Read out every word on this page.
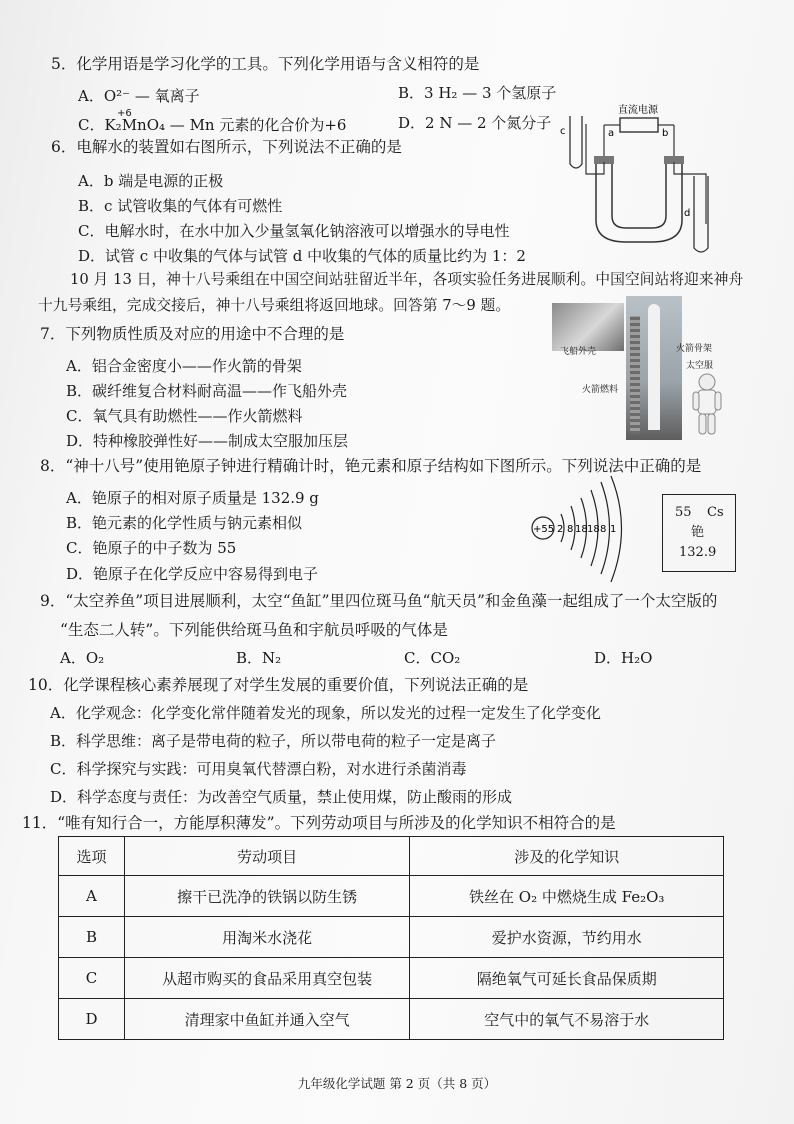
5．化学用语是学习化学的工具。下列化学用语与含义相符的是
A．O²⁻ — 氧离子	B．3 H₂ — 3 个氢原子
+6
C．K₂MnO₄ — Mn 元素的化合价为+6	D．2 N — 2 个氮分子
6．电解水的装置如右图所示，下列说法不正确的是
A．b 端是电源的正极
B．c 试管收集的气体有可燃性
C．电解水时，在水中加入少量氢氧化钠溶液可以增强水的导电性
D．试管 c 中收集的气体与试管 d 中收集的气体的质量比约为 1：2
直流电源
a	b
c
d
10 月 13 日，神十八号乘组在中国空间站驻留近半年，各项实验任务进展顺利。中国空间站将迎来神舟
十九号乘组，完成交接后，神十八号乘组将返回地球。回答第 7～9 题。
7．下列物质性质及对应的用途中不合理的是
A．铝合金密度小——作火箭的骨架
B．碳纤维复合材料耐高温——作飞船外壳
C．氧气具有助燃性——作火箭燃料
D．特种橡胶弹性好——制成太空服加压层
飞船外壳	火箭骨架
太空服
火箭燃料
8．“神十八号”使用铯原子钟进行精确计时，铯元素和原子结构如下图所示。下列说法中正确的是
A．铯原子的相对原子质量是 132.9 g
B．铯元素的化学性质与钠元素相似
C．铯原子的中子数为 55
D．铯原子在化学反应中容易得到电子
+55 2 8 18 18 8 1
55 Cs
铯
132.9
9．“太空养鱼”项目进展顺利，太空“鱼缸”里四位斑马鱼“航天员”和金鱼藻一起组成了一个太空版的
“生态二人转”。下列能供给斑马鱼和宇航员呼吸的气体是
A．O₂	B．N₂	C．CO₂	D．H₂O
10．化学课程核心素养展现了对学生发展的重要价值，下列说法正确的是
A．化学观念：化学变化常伴随着发光的现象，所以发光的过程一定发生了化学变化
B．科学思维：离子是带电荷的粒子，所以带电荷的粒子一定是离子
C．科学探究与实践：可用臭氧代替漂白粉，对水进行杀菌消毒
D．科学态度与责任：为改善空气质量，禁止使用煤，防止酸雨的形成
11．“唯有知行合一，方能厚积薄发”。下列劳动项目与所涉及的化学知识不相符合的是
选项	劳动项目	涉及的化学知识
A	擦干已洗净的铁锅以防生锈	铁丝在 O₂ 中燃烧生成 Fe₂O₃
B	用淘米水浇花	爱护水资源，节约用水
C	从超市购买的食品采用真空包装	隔绝氧气可延长食品保质期
D	清理家中鱼缸并通入空气	空气中的氧气不易溶于水
九年级化学试题 第 2 页（共 8 页）
